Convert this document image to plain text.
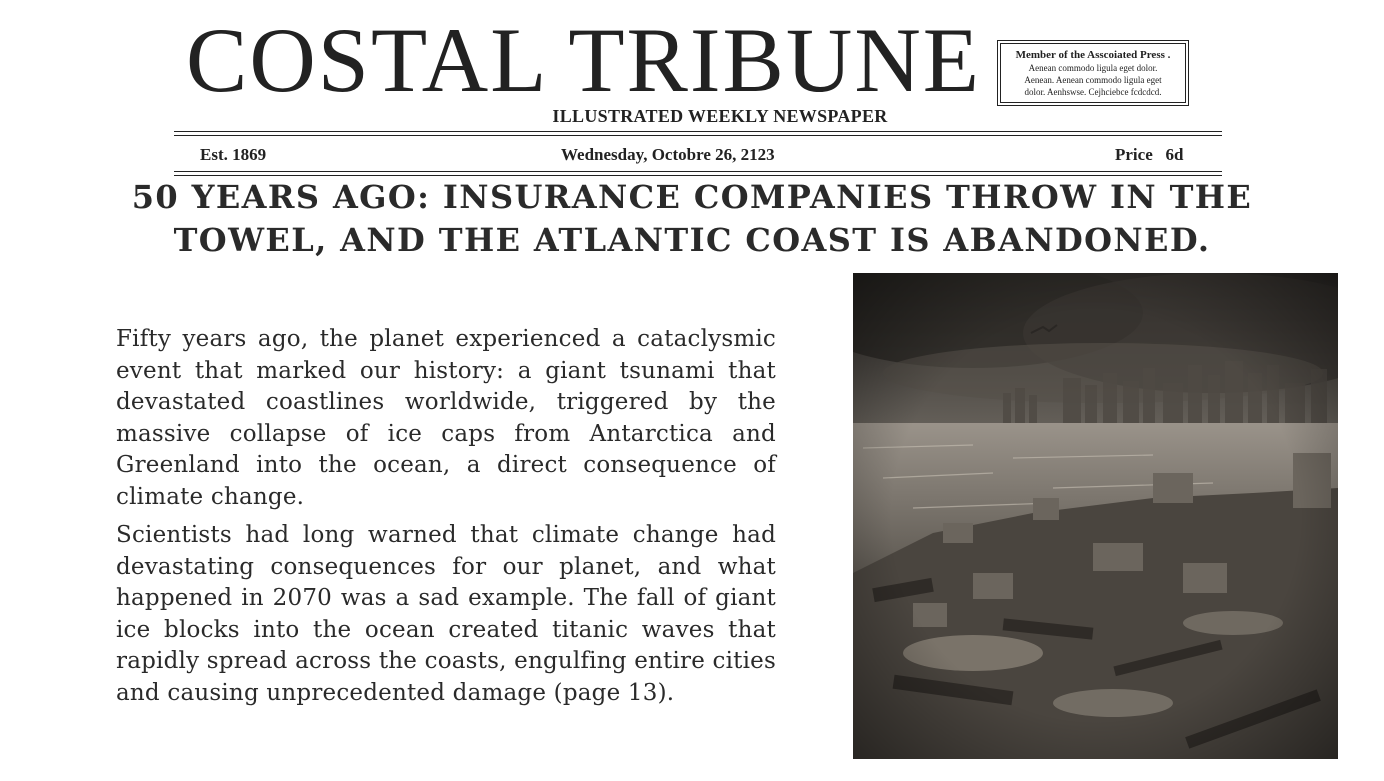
COSTAL TRIBUNE
ILLUSTRATED WEEKLY NEWSPAPER
Member of the Asscoiated Press .
Aenean commodo ligula eget dolor.
Aenean. Aenean commodo ligula eget
dolor. Aenhswse. Cejhciebce fcdcdcd.
Est. 1869	Wednesday, Octobre 26, 2123	Price 6d
50 YEARS AGO: INSURANCE COMPANIES THROW IN THE TOWEL, AND THE ATLANTIC COAST IS ABANDONED.

Fifty years ago, the planet experienced a cataclysmic event that marked our history: a giant tsunami that devastated coastlines worldwide, triggered by the massive collapse of ice caps from Antarctica and Greenland into the ocean, a direct consequence of climate change.

Scientists had long warned that climate change had devastating consequences for our planet, and what happened in 2070 was a sad example. The fall of giant ice blocks into the ocean created titanic waves that rapidly spread across the coasts, engulfing entire cities and causing unprecedented damage (page 13).
